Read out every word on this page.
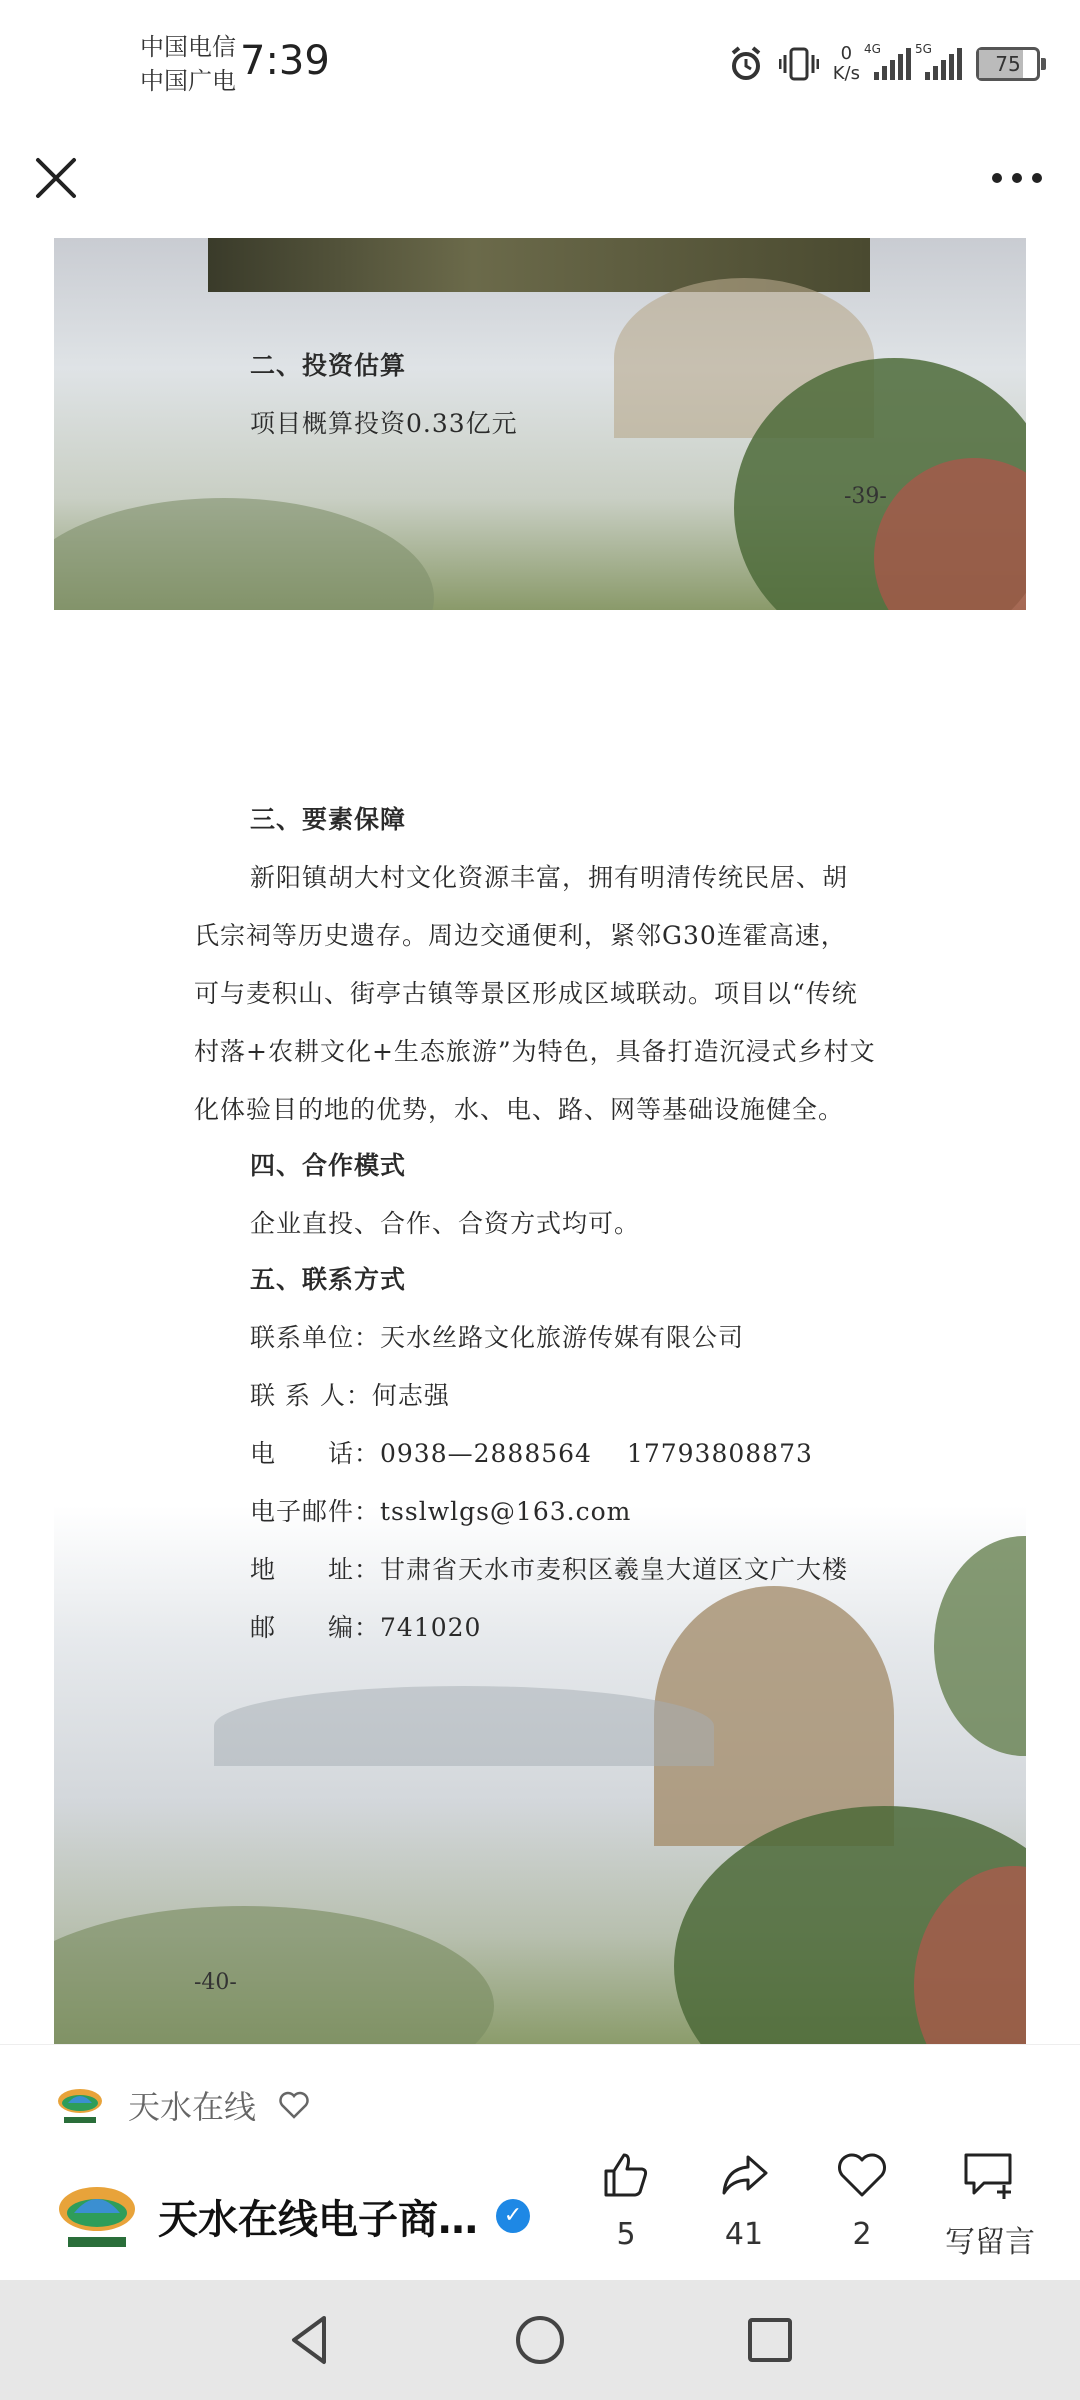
中国电信
中国广电 7:39	0
K/s
4G	5G
75
二、投资估算
项目概算投资0.33亿元
-39-
三、要素保障
新阳镇胡大村文化资源丰富，拥有明清传统民居、胡
氏宗祠等历史遗存。周边交通便利，紧邻G30连霍高速，
可与麦积山、街亭古镇等景区形成区域联动。项目以“传统
村落+农耕文化+生态旅游”为特色，具备打造沉浸式乡村文
化体验目的地的优势，水、电、路、网等基础设施健全。
四、合作模式
企业直投、合作、合资方式均可。
五、联系方式
联系单位：天水丝路文化旅游传媒有限公司
联 系 人：何志强
电　　话：0938—2888564　 17793808873
-40-
电子邮件：tsslwlgs@163.com
地　　址：甘肃省天水市麦积区羲皇大道区文广大楼
邮　　编：741020
天水在线
天水在线电子商…	✓
5	41	2 写留言
